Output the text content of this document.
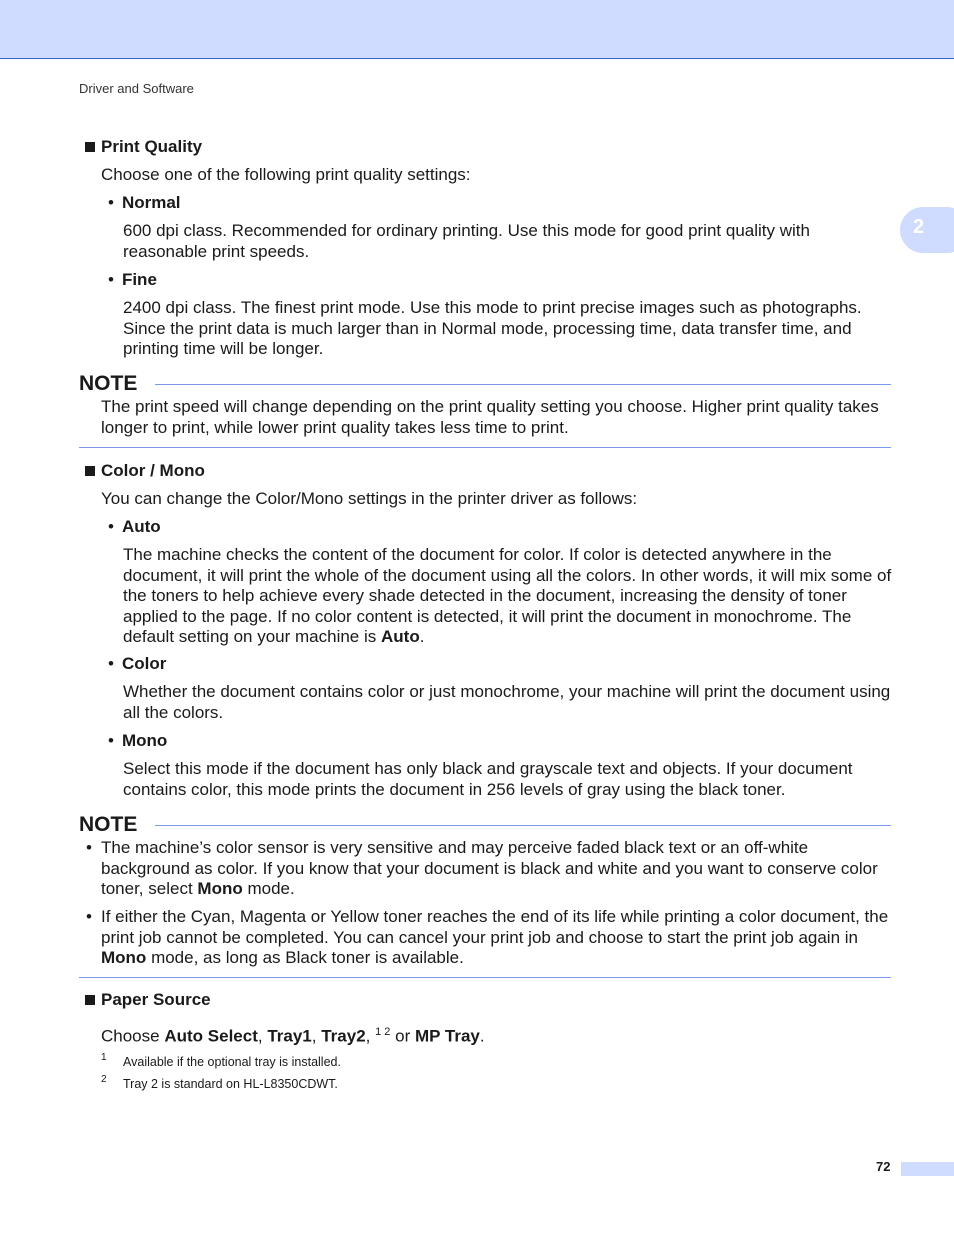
Driver and Software
2
Print Quality
Choose one of the following print quality settings:
• Normal
600 dpi class. Recommended for ordinary printing. Use this mode for good print quality with reasonable print speeds.
• Fine
2400 dpi class. The finest print mode. Use this mode to print precise images such as photographs. Since the print data is much larger than in Normal mode, processing time, data transfer time, and printing time will be longer.
NOTE
The print speed will change depending on the print quality setting you choose. Higher print quality takes longer to print, while lower print quality takes less time to print.
Color / Mono
You can change the Color/Mono settings in the printer driver as follows:
• Auto
The machine checks the content of the document for color. If color is detected anywhere in the document, it will print the whole of the document using all the colors. In other words, it will mix some of the toners to help achieve every shade detected in the document, increasing the density of toner applied to the page. If no color content is detected, it will print the document in monochrome. The default setting on your machine is Auto.
• Color
Whether the document contains color or just monochrome, your machine will print the document using all the colors.
• Mono
Select this mode if the document has only black and grayscale text and objects. If your document contains color, this mode prints the document in 256 levels of gray using the black toner.
NOTE
• The machine’s color sensor is very sensitive and may perceive faded black text or an off-white background as color. If you know that your document is black and white and you want to conserve color toner, select Mono mode.
• If either the Cyan, Magenta or Yellow toner reaches the end of its life while printing a color document, the print job cannot be completed. You can cancel your print job and choose to start the print job again in Mono mode, as long as Black toner is available.
Paper Source
Choose Auto Select, Tray1, Tray2, $^{1 2}$ or MP Tray.
1 Available if the optional tray is installed.
2 Tray 2 is standard on HL-L8350CDWT.
72
